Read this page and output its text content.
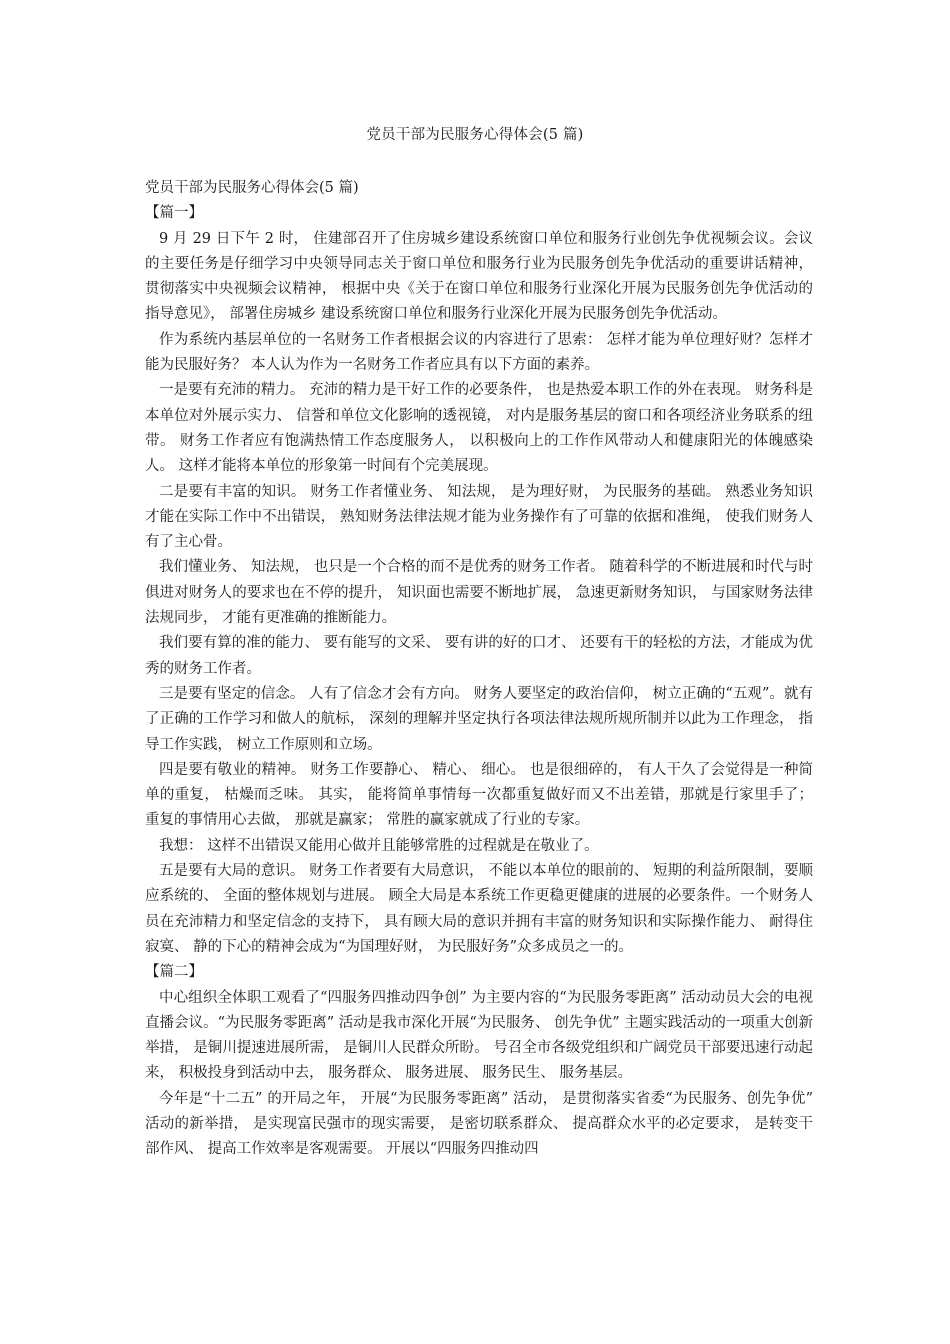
党员干部为民服务心得体会(5 篇)

党员干部为民服务心得体会(5 篇)

【篇一】

9 月 29 日下午 2 时， 住建部召开了住房城乡建设系统窗口单位和服务行业创先争优视频会议。会议的主要任务是仔细学习中央领导同志关于窗口单位和服务行业为民服务创先争优活动的重要讲话精神， 贯彻落实中央视频会议精神， 根据中央《关于在窗口单位和服务行业深化开展为民服务创先争优活动的指导意见》， 部署住房城乡 建设系统窗口单位和服务行业深化开展为民服务创先争优活动。

作为系统内基层单位的一名财务工作者根据会议的内容进行了思索： 怎样才能为单位理好财？怎样才能为民服好务？ 本人认为作为一名财务工作者应具有以下方面的素养。

一是要有充沛的精力。 充沛的精力是干好工作的必要条件， 也是热爱本职工作的外在表现。 财务科是本单位对外展示实力、 信誉和单位文化影响的透视镜， 对内是服务基层的窗口和各项经济业务联系的纽带。 财务工作者应有饱满热情工作态度服务人， 以积极向上的工作作风带动人和健康阳光的体魄感染人。 这样才能将本单位的形象第一时间有个完美展现。

二是要有丰富的知识。 财务工作者懂业务、 知法规， 是为理好财， 为民服务的基础。 熟悉业务知识才能在实际工作中不出错误， 熟知财务法律法规才能为业务操作有了可靠的依据和准绳， 使我们财务人有了主心骨。

我们懂业务、 知法规， 也只是一个合格的而不是优秀的财务工作者。 随着科学的不断进展和时代与时俱进对财务人的要求也在不停的提升， 知识面也需要不断地扩展， 急速更新财务知识， 与国家财务法律法规同步， 才能有更准确的推断能力。

我们要有算的准的能力、 要有能写的文采、 要有讲的好的口才、 还要有干的轻松的方法，才能成为优秀的财务工作者。

三是要有坚定的信念。 人有了信念才会有方向。 财务人要坚定的政治信仰， 树立正确的“五观”。就有了正确的工作学习和做人的航标， 深刻的理解并坚定执行各项法律法规所规所制并以此为工作理念， 指导工作实践， 树立工作原则和立场。

四是要有敬业的精神。 财务工作要静心、 精心、 细心。 也是很细碎的， 有人干久了会觉得是一种简单的重复， 枯燥而乏味。 其实， 能将简单事情每一次都重复做好而又不出差错，那就是行家里手了； 重复的事情用心去做， 那就是赢家； 常胜的赢家就成了行业的专家。

我想： 这样不出错误又能用心做并且能够常胜的过程就是在敬业了。

五是要有大局的意识。 财务工作者要有大局意识， 不能以本单位的眼前的、 短期的利益所限制，要顺应系统的、 全面的整体规划与进展。 顾全大局是本系统工作更稳更健康的进展的必要条件。一个财务人员在充沛精力和坚定信念的支持下， 具有顾大局的意识并拥有丰富的财务知识和实际操作能力、 耐得住寂寞、 静的下心的精神会成为“为国理好财， 为民服好务”众多成员之一的。

【篇二】

中心组织全体职工观看了“四服务四推动四争创” 为主要内容的“为民服务零距离” 活动动员大会的电视直播会议。“为民服务零距离” 活动是我市深化开展“为民服务、 创先争优” 主题实践活动的一项重大创新举措， 是铜川提速进展所需， 是铜川人民群众所盼。 号召全市各级党组织和广阔党员干部要迅速行动起来， 积极投身到活动中去， 服务群众、 服务进展、 服务民生、 服务基层。

今年是“十二五” 的开局之年， 开展“为民服务零距离” 活动， 是贯彻落实省委“为民服务、创先争优” 活动的新举措， 是实现富民强市的现实需要， 是密切联系群众、 提高群众水平的必定要求， 是转变干部作风、 提高工作效率是客观需要。 开展以“四服务四推动四
